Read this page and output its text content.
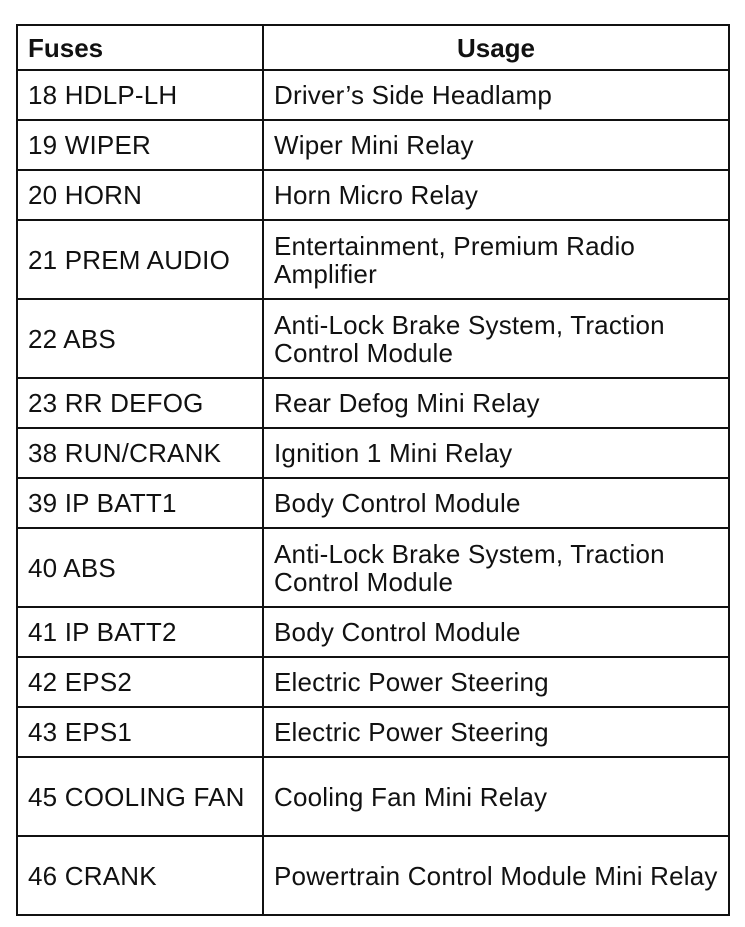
Fuses	Usage

18 HDLP-LH	Driver’s Side Headlamp

19 WIPER	Wiper Mini Relay

20 HORN	Horn Micro Relay

21 PREM AUDIO	Entertainment, Premium Radio Amplifier

22 ABS	Anti-Lock Brake System, Traction Control Module

23 RR DEFOG	Rear Defog Mini Relay

38 RUN/CRANK	Ignition 1 Mini Relay

39 IP BATT1	Body Control Module

40 ABS	Anti-Lock Brake System, Traction Control Module

41 IP BATT2	Body Control Module

42 EPS2	Electric Power Steering

43 EPS1	Electric Power Steering

45 COOLING FAN	Cooling Fan Mini Relay

46 CRANK	Powertrain Control Module Mini Relay
